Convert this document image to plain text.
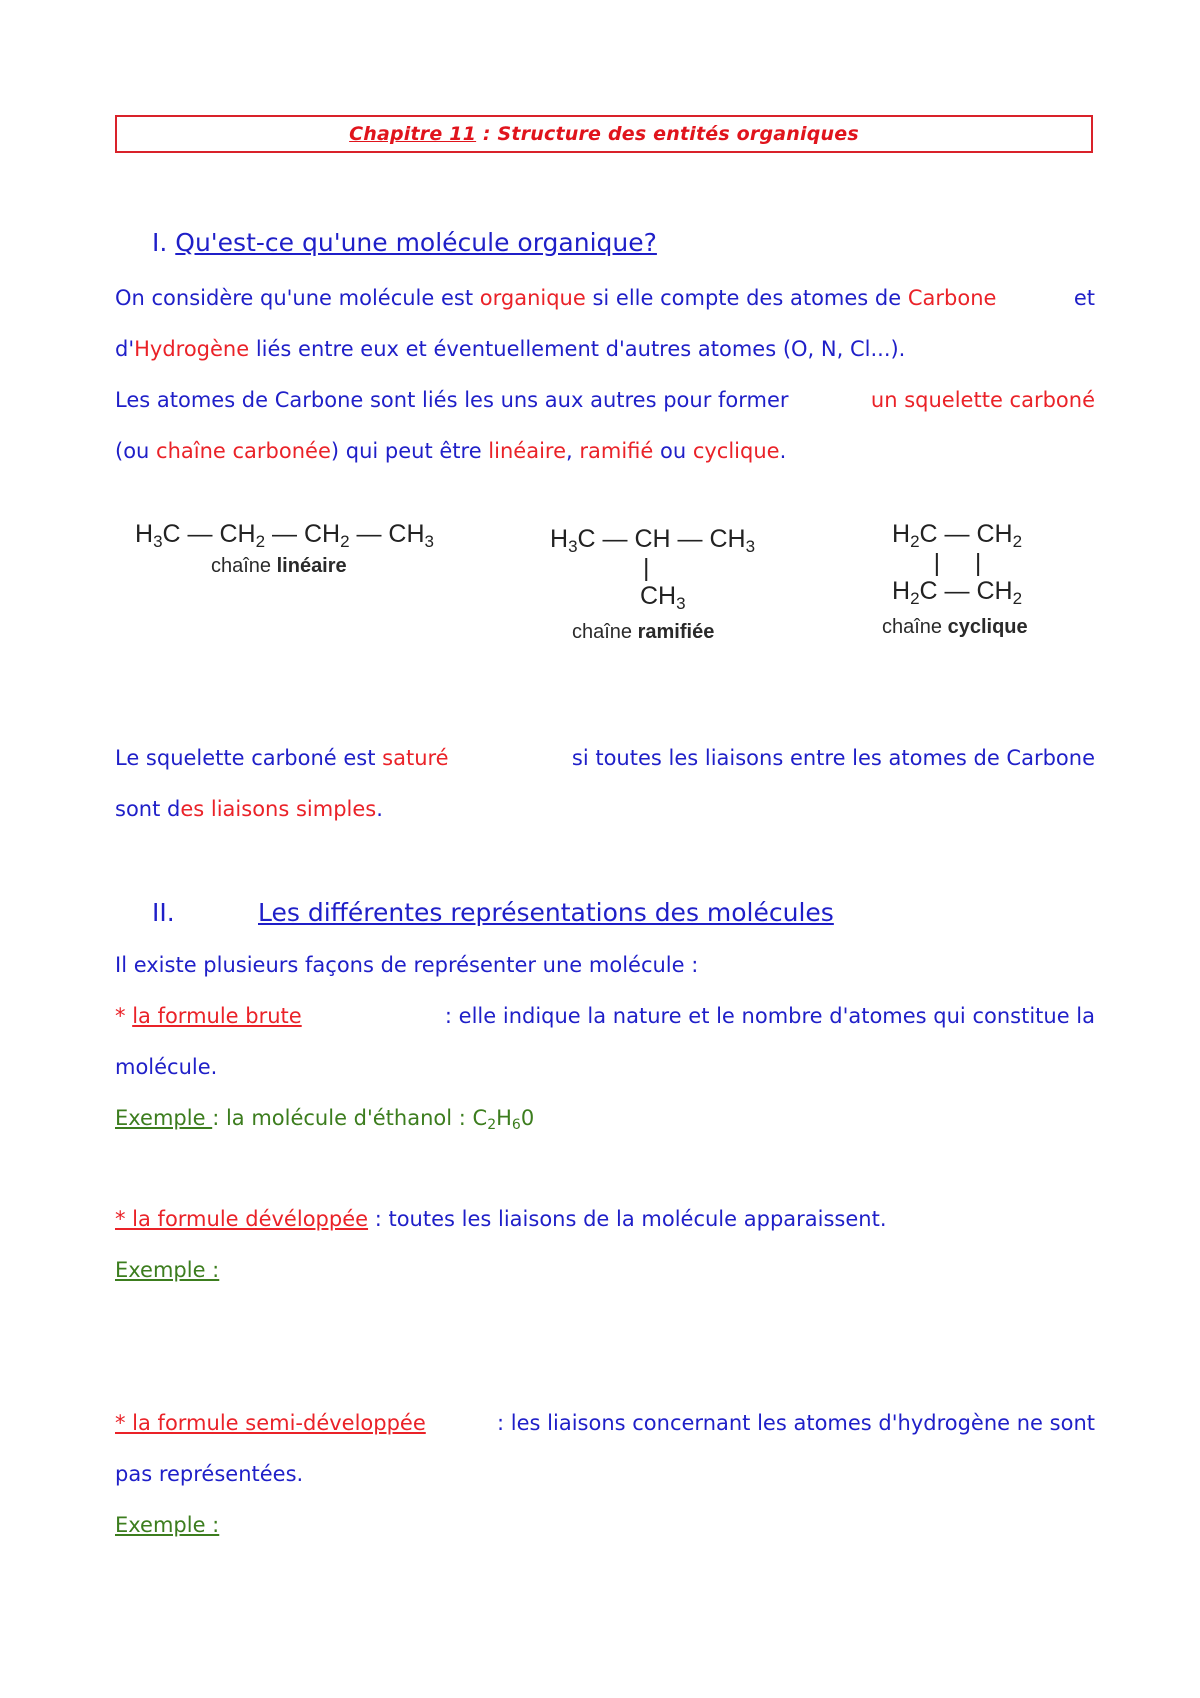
Chapitre 11 : Structure des entités organiques
I. Qu'est-ce qu'une molécule organique?
On considère qu'une molécule est organique si elle compte des atomes de Carbone	et
d'Hydrogène liés entre eux et éventuellement d'autres atomes (O, N, Cl...).
Les atomes de Carbone sont liés les uns aux autres pour former	un squelette carboné
(ou chaîne carbonée) qui peut être linéaire, ramifié ou cyclique.
$H_3C$ — $CH_2$ — $CH_2$ — $CH_3$
chaîne linéaire
$H_3C$ — CH — $CH_3$
|
$CH_3$
chaîne ramifiée
$H_2C$ — $CH_2$
|     |
$H_2C$ — $CH_2$
chaîne cyclique
Le squelette carboné est saturé	si toutes les liaisons entre les atomes de Carbone
sont des liaisons simples.
II.	Les différentes représentations des molécules
Il existe plusieurs façons de représenter une molécule :
* la formule brute	: elle indique la nature et le nombre d'atomes qui constitue la
molécule.
Exemple : la molécule d'éthanol : C2H60
* la formule dévéloppée : toutes les liaisons de la molécule apparaissent.
Exemple :
* la formule semi-développée	: les liaisons concernant les atomes d'hydrogène ne sont
pas représentées.
Exemple :
